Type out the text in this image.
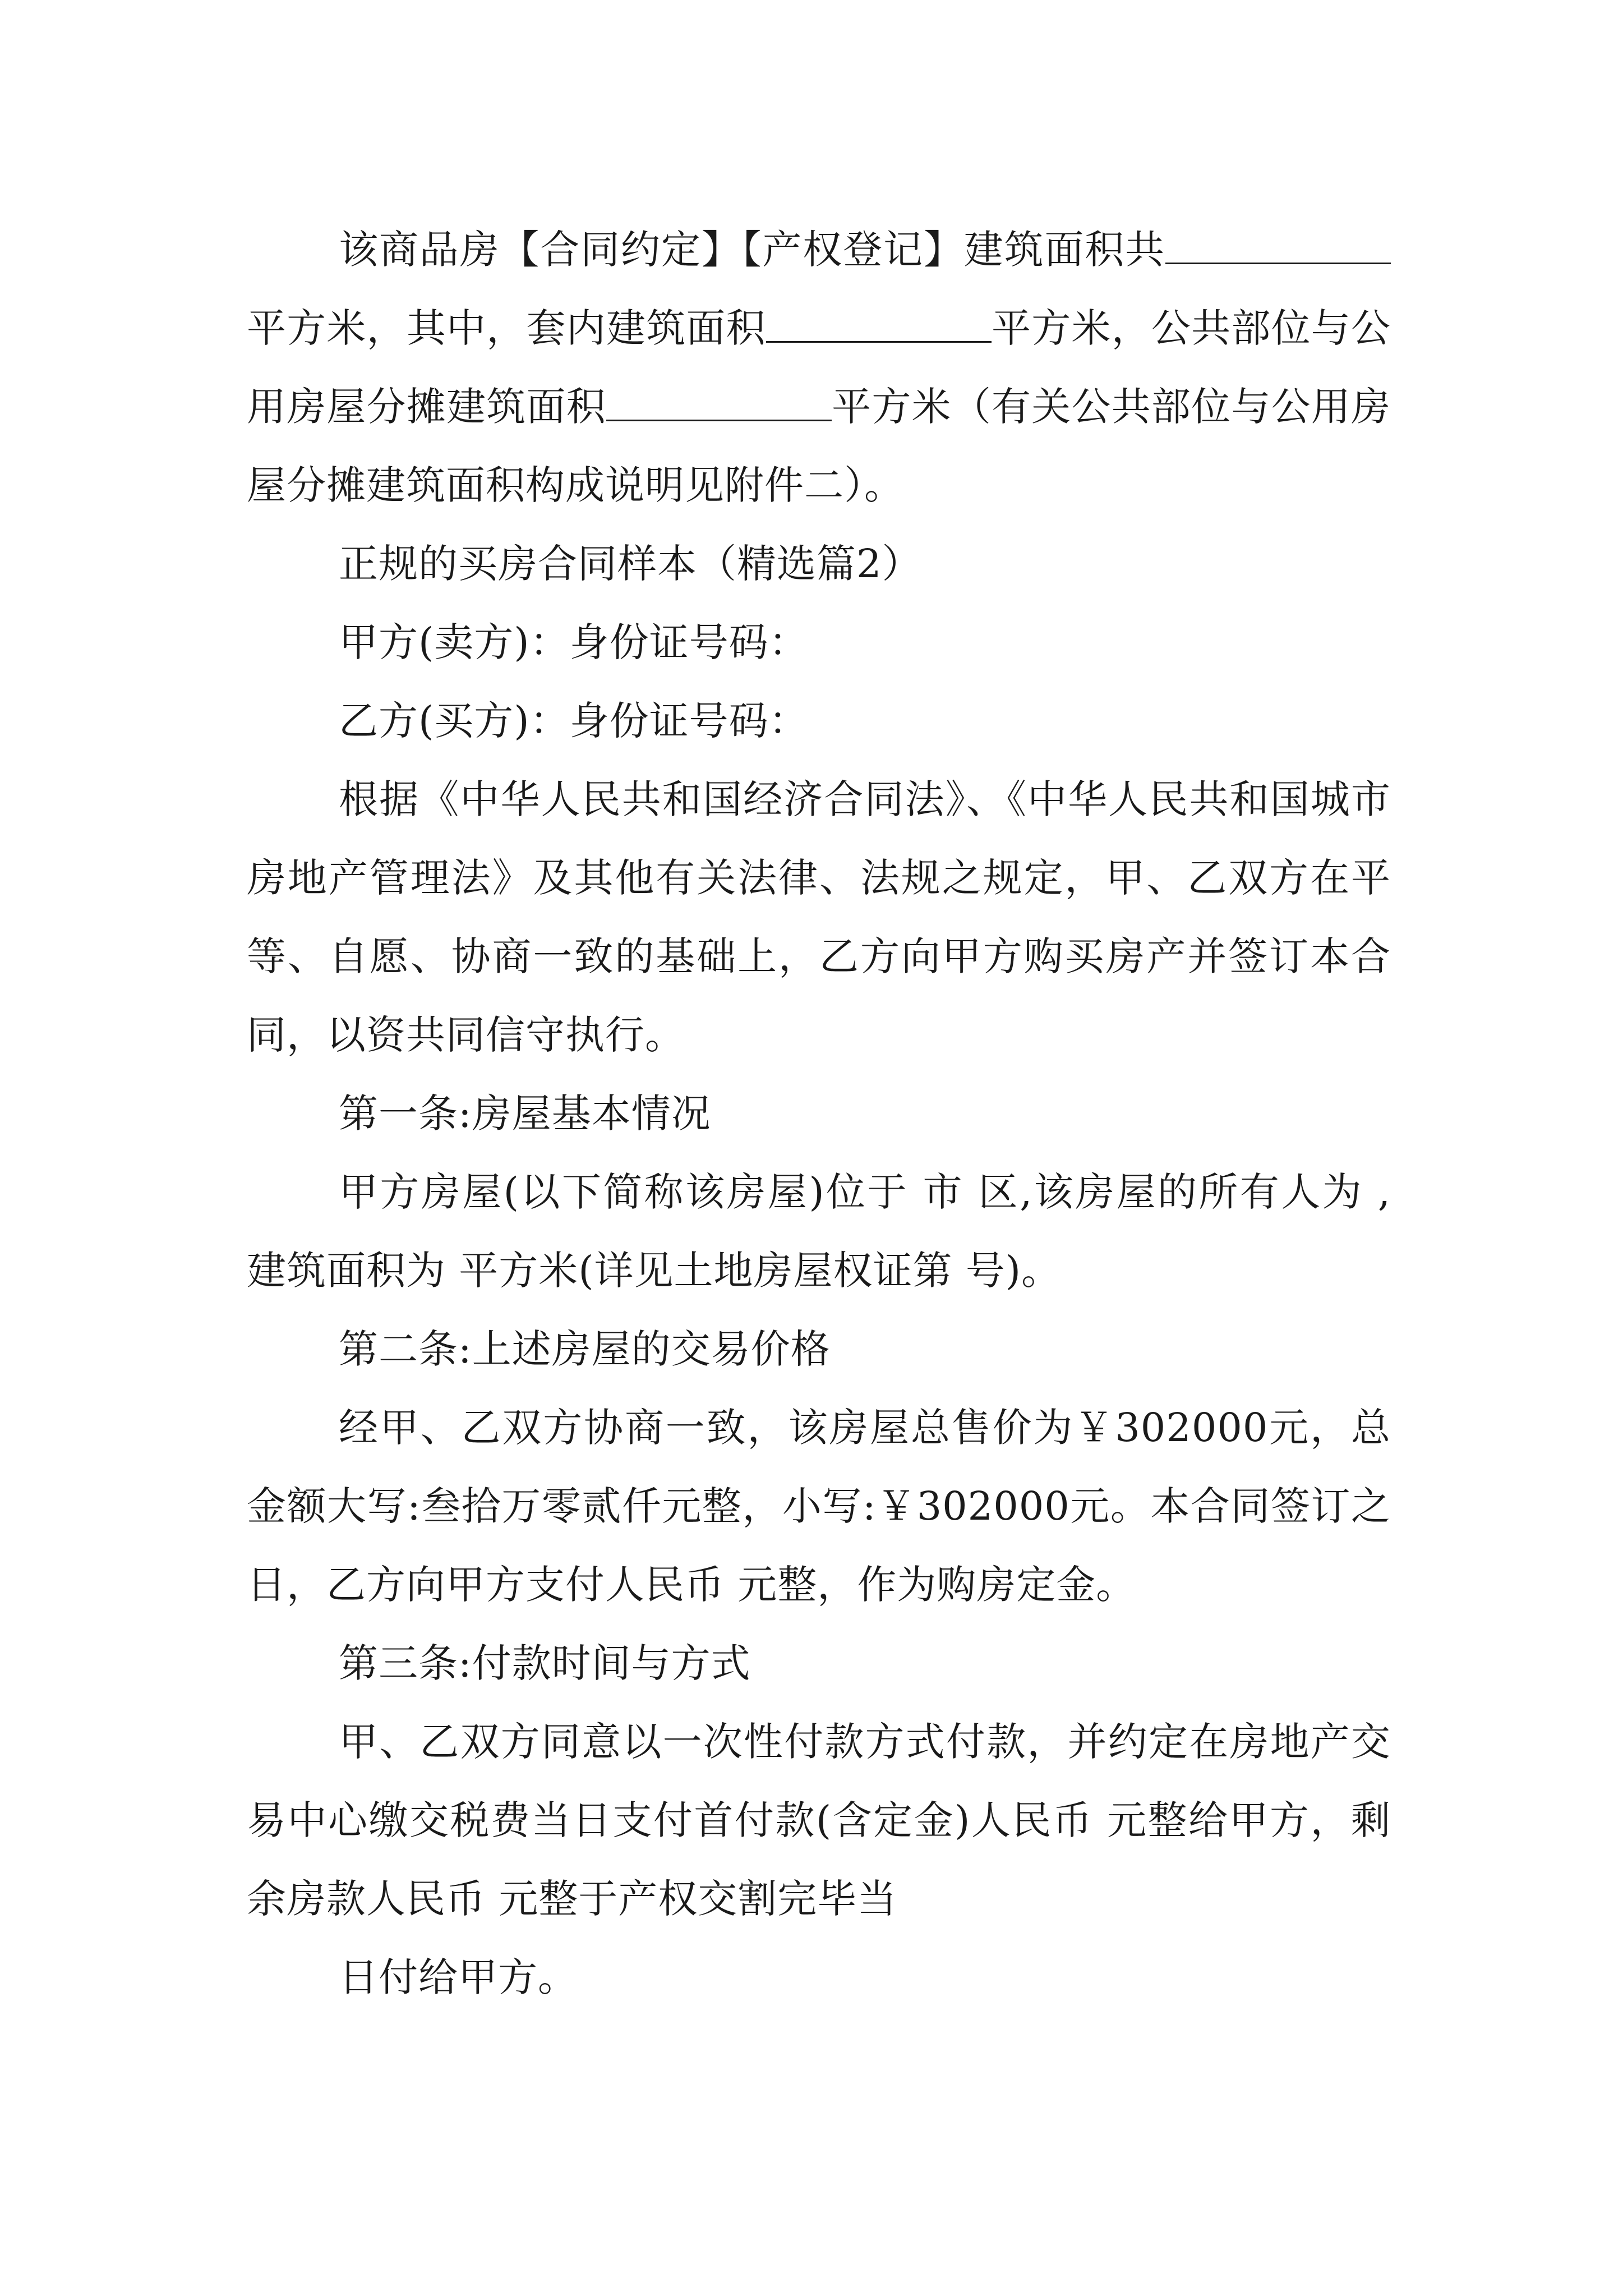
该商品房【合同约定】【产权登记】建筑面积共平方米，其中，套内建筑面积	平方米，公共部位与公用房屋分摊建筑面积	平方米（有关公共部位与公用房屋分摊建筑面积构成说明见附件二）。

正规的买房合同样本（精选篇2）

甲方(卖方)：身份证号码：

乙方(买方)：身份证号码：

根据《中华人民共和国经济合同法》、《中华人民共和国城市房地产管理法》及其他有关法律、法规之规定，甲、乙双方在平等、自愿、协商一致的基础上，乙方向甲方购买房产并签订本合同，以资共同信守执行。

第一条:房屋基本情况

甲方房屋(以下简称该房屋)位于 市 区,该房屋的所有人为 ,建筑面积为 平方米(详见土地房屋权证第 号)。

第二条:上述房屋的交易价格

经甲、乙双方协商一致，该房屋总售价为￥302000元，总金额大写:叁拾万零贰仟元整，小写:￥302000元。本合同签订之日，乙方向甲方支付人民币 元整，作为购房定金。

第三条:付款时间与方式

甲、乙双方同意以一次性付款方式付款，并约定在房地产交易中心缴交税费当日支付首付款(含定金)人民币 元整给甲方，剩余房款人民币 元整于产权交割完毕当

日付给甲方。
